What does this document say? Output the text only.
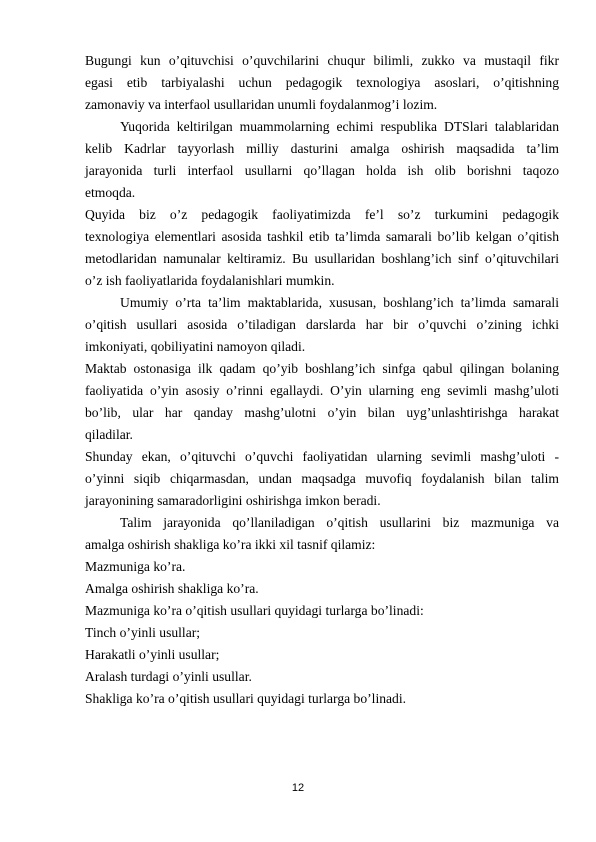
Bugungi kun o’qituvchisi o’quvchilarini chuqur bilimli, zukko va mustaqil fikr
egasi etib tarbiyalashi uchun pedagogik texnologiya asoslari, o’qitishning
zamonaviy va interfaol usullaridan unumli foydalanmog’i lozim.
Yuqorida keltirilgan muammolarning echimi respublika DTSlari talablaridan
kelib Kadrlar tayyorlash milliy dasturini amalga oshirish maqsadida ta’lim
jarayonida turli interfaol usullarni qo’llagan holda ish olib borishni taqozo
etmoqda.
Quyida biz o’z pedagogik faoliyatimizda fe’l so’z turkumini pedagogik
texnologiya elementlari asosida tashkil etib ta’limda samarali bo’lib kelgan o’qitish
metodlaridan namunalar keltiramiz. Bu usullaridan boshlang’ich sinf o’qituvchilari
o’z ish faoliyatlarida foydalanishlari mumkin.
Umumiy o’rta ta’lim maktablarida, xususan, boshlang’ich ta’limda samarali
o’qitish usullari asosida o’tiladigan darslarda har bir o’quvchi o’zining ichki
imkoniyati, qobiliyatini namoyon qiladi.
Maktab ostonasiga ilk qadam qo’yib boshlang’ich sinfga qabul qilingan bolaning
faoliyatida o’yin asosiy o’rinni egallaydi. O’yin ularning eng sevimli mashg’uloti
bo’lib, ular har qanday mashg’ulotni o’yin bilan uyg’unlashtirishga harakat
qiladilar.
Shunday ekan, o’qituvchi o’quvchi faoliyatidan ularning sevimli mashg’uloti -
o’yinni siqib chiqarmasdan, undan maqsadga muvofiq foydalanish bilan talim
jarayonining samaradorligini oshirishga imkon beradi.
Talim jarayonida qo’llaniladigan o’qitish usullarini biz mazmuniga va
amalga oshirish shakliga ko’ra ikki xil tasnif qilamiz:
Mazmuniga ko’ra.
Amalga oshirish shakliga ko’ra.
Mazmuniga ko’ra o’qitish usullari quyidagi turlarga bo’linadi:
Tinch o’yinli usullar;
Harakatli o’yinli usullar;
Aralash turdagi o’yinli usullar.
Shakliga ko’ra o’qitish usullari quyidagi turlarga bo’linadi.
12
